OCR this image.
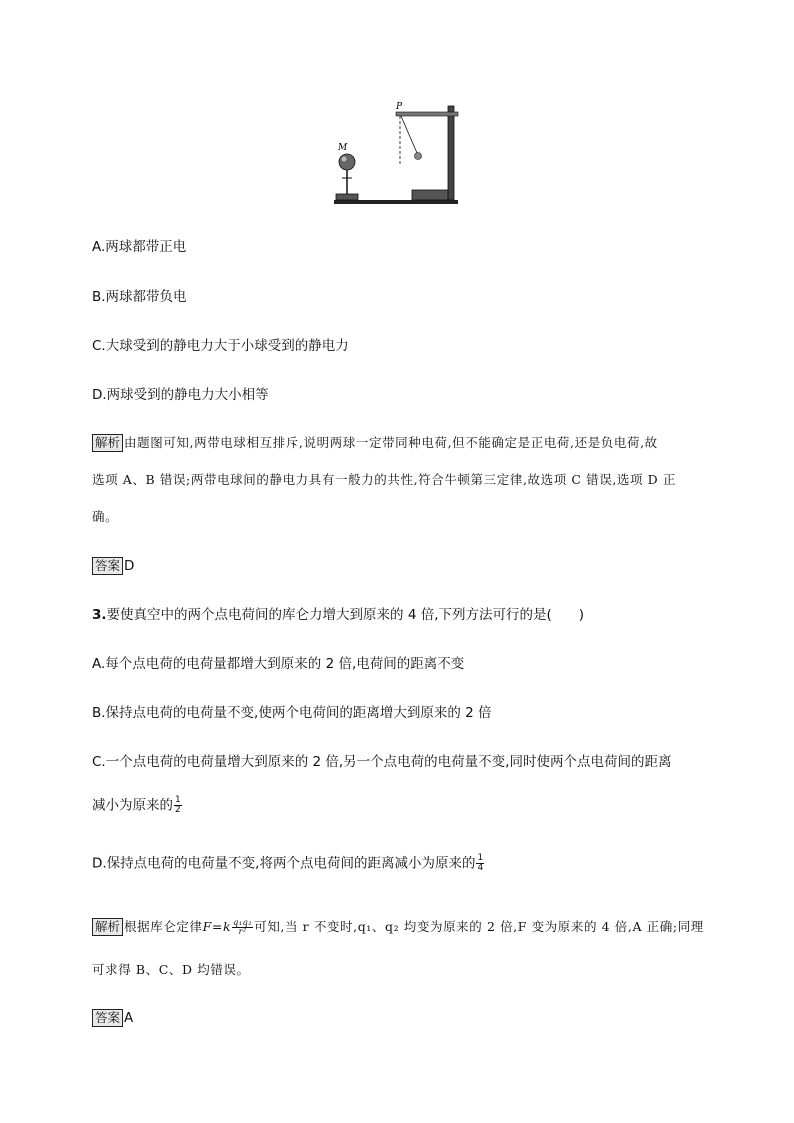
M
P
A.两球都带正电
B.两球都带负电
C.大球受到的静电力大于小球受到的静电力
D.两球受到的静电力大小相等
解析 由题图可知,两带电球相互排斥,说明两球一定带同种电荷,但不能确定是正电荷,还是负电荷,故
选项 A、B 错误;两带电球间的静电力具有一般力的共性,符合牛顿第三定律,故选项 C 错误,选项 D 正
确。
答案 D
3.要使真空中的两个点电荷间的库仑力增大到原来的 4 倍,下列方法可行的是(　　)
A.每个点电荷的电荷量都增大到原来的 2 倍,电荷间的距离不变
B.保持点电荷的电荷量不变,使两个电荷间的距离增大到原来的 2 倍
C.一个点电荷的电荷量增大到原来的 2 倍,另一个点电荷的电荷量不变,同时使两个点电荷间的距离
减小为原来的 $\frac{1}{2}$
D.保持点电荷的电荷量不变,将两个点电荷间的距离减小为原来的 $\frac{1}{4}$
解析 根据库仑定律$F=k \frac{\text{q₁q₂}}{\text{r²}}$ 可知,当 r 不变时,q₁、q₂ 均变为原来的 2 倍,F 变为原来的 4 倍,A 正确;同理
可求得 B、C、D 均错误。
答案 A
